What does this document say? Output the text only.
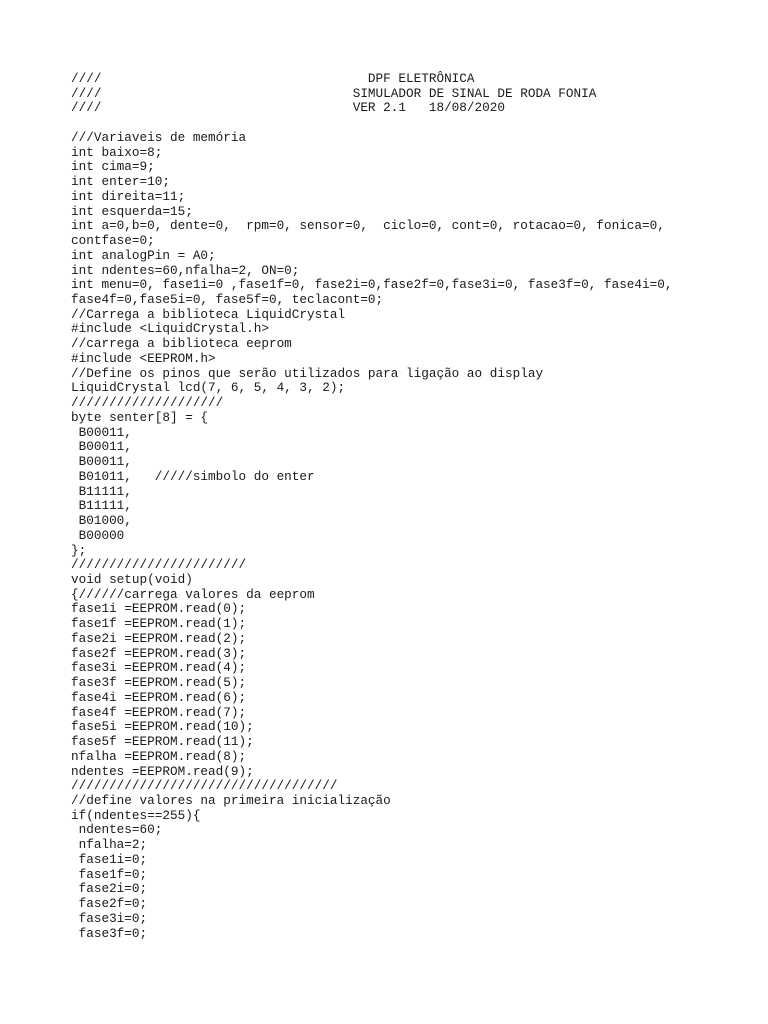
////                                   DPF ELETRÔNICA
////                                 SIMULADOR DE SINAL DE RODA FONIA
////                                 VER 2.1   18/08/2020
///Variaveis de memória
int baixo=8;
int cima=9;
int enter=10;
int direita=11;
int esquerda=15;
int a=0,b=0, dente=0,  rpm=0, sensor=0,  ciclo=0, cont=0, rotacao=0, fonica=0,
contfase=0;
int analogPin = A0;
int ndentes=60,nfalha=2, ON=0;
int menu=0, fase1i=0 ,fase1f=0, fase2i=0,fase2f=0,fase3i=0, fase3f=0, fase4i=0,
fase4f=0,fase5i=0, fase5f=0, teclacont=0;
//Carrega a biblioteca LiquidCrystal
#include <LiquidCrystal.h>
//carrega a biblioteca eeprom
#include <EEPROM.h>
//Define os pinos que serão utilizados para ligação ao display
LiquidCrystal lcd(7, 6, 5, 4, 3, 2);
////////////////////
byte senter[8] = {
B00011,
B00011,
B00011,
B01011,   /////simbolo do enter
B11111,
B11111,
B01000,
B00000
};
///////////////////////
void setup(void)
{//////carrega valores da eeprom
fase1i =EEPROM.read(0);
fase1f =EEPROM.read(1);
fase2i =EEPROM.read(2);
fase2f =EEPROM.read(3);
fase3i =EEPROM.read(4);
fase3f =EEPROM.read(5);
fase4i =EEPROM.read(6);
fase4f =EEPROM.read(7);
fase5i =EEPROM.read(10);
fase5f =EEPROM.read(11);
nfalha =EEPROM.read(8);
ndentes =EEPROM.read(9);
///////////////////////////////////
//define valores na primeira inicialização
if(ndentes==255){
ndentes=60;
nfalha=2;
fase1i=0;
fase1f=0;
fase2i=0;
fase2f=0;
fase3i=0;
fase3f=0;
